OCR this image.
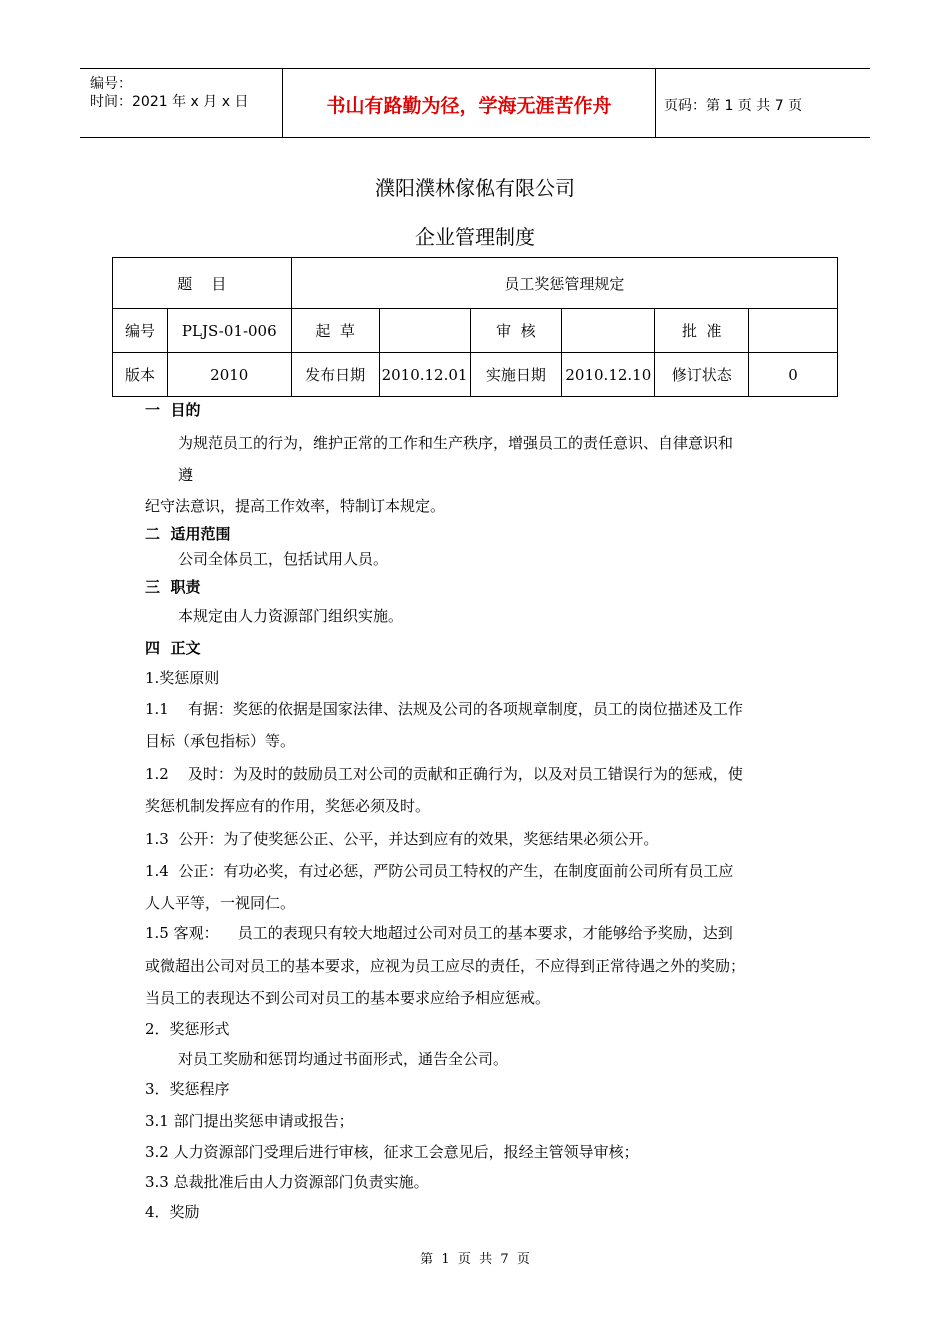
编号：
时间：2021 年 x 月 x 日	书山有路勤为径，学海无涯苦作舟	页码：第 1 页 共 7 页
濮阳濮林傢俬有限公司
企业管理制度
题    目		员工奖惩管理规定					
编号	PLJS-01-006	起  草		审  核		批  准	
版本	2010	发布日期	2010.12.01	实施日期	2010.12.10	修订状态	0
一  目的
为规范员工的行为，维护正常的工作和生产秩序，增强员工的责任意识、自律意识和
遵
纪守法意识，提高工作效率，特制订本规定。
二  适用范围
公司全体员工，包括试用人员。
三  职责
本规定由人力资源部门组织实施。
四  正文
1.奖惩原则
1.1    有据：奖惩的依据是国家法律、法规及公司的各项规章制度，员工的岗位描述及工作
目标（承包指标）等。
1.2    及时：为及时的鼓励员工对公司的贡献和正确行为，以及对员工错误行为的惩戒，使
奖惩机制发挥应有的作用，奖惩必须及时。
1.3  公开：为了使奖惩公正、公平，并达到应有的效果，奖惩结果必须公开。
1.4  公正：有功必奖，有过必惩，严防公司员工特权的产生，在制度面前公司所有员工应
人人平等，一视同仁。
1.5 客观：    员工的表现只有较大地超过公司对员工的基本要求，才能够给予奖励，达到
或微超出公司对员工的基本要求，应视为员工应尽的责任，不应得到正常待遇之外的奖励；
当员工的表现达不到公司对员工的基本要求应给予相应惩戒。
2．奖惩形式
对员工奖励和惩罚均通过书面形式，通告全公司。
3．奖惩程序
3.1 部门提出奖惩申请或报告；
3.2 人力资源部门受理后进行审核，征求工会意见后，报经主管领导审核；
3.3 总裁批准后由人力资源部门负责实施。
4．奖励
第  1  页  共  7  页
